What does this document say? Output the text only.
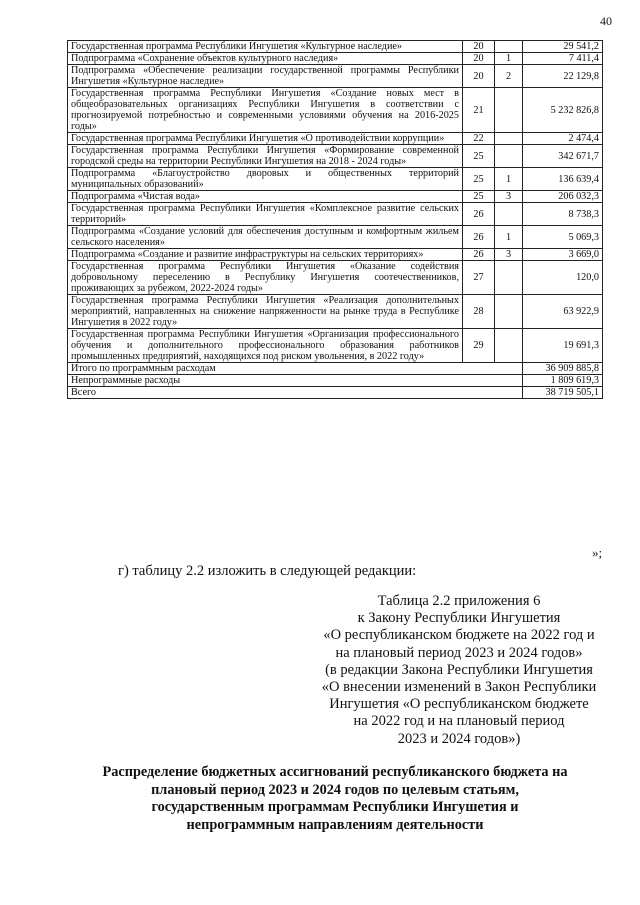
40
Государственная программа Республики Ингушетия «Культурное наследие»	20		29 541,2
Подпрограмма «Сохранение объектов культурного наследия»	20	1	7 411,4
Подпрограмма «Обеспечение реализации государственной программы Республики Ингушетия «Культурное наследие»	20	2	22 129,8
Государственная программа Республики Ингушетия «Создание новых мест в общеобразовательных организациях Республики Ингушетия в соответствии с прогнозируемой потребностью и современными условиями обучения на 2016-2025 годы»	21		5 232 826,8
Государственная программа Республики Ингушетия «О противодействии коррупции»	22		2 474,4
Государственная программа Республики Ингушетия «Формирование современной городской среды на территории Республики Ингушетия на 2018 - 2024 годы»	25		342 671,7
Подпрограмма «Благоустройство дворовых и общественных территорий муниципальных образований»	25	1	136 639,4
Подпрограмма «Чистая вода»	25	3	206 032,3
Государственная программа Республики Ингушетия «Комплексное развитие сельских территорий»	26		8 738,3
Подпрограмма «Создание условий для обеспечения доступным и комфортным жильем сельского населения»	26	1	5 069,3
Подпрограмма «Создание и развитие инфраструктуры на сельских территориях»	26	3	3 669,0
Государственная программа Республики Ингушетия «Оказание содействия добровольному переселению в Республику Ингушетия соотечественников, проживающих за рубежом, 2022-2024 годы»	27		120,0
Государственная программа Республики Ингушетия «Реализация дополнительных мероприятий, направленных на снижение напряженности на рынке труда в Республике Ингушетия в 2022 году»	28		63 922,9
Государственная программа Республики Ингушетия «Организация профессионального обучения и дополнительного профессионального образования работников промышленных предприятий, находящихся под риском увольнения, в 2022 году»	29		19 691,3
Итого по программным расходам			36 909 885,8
Непрограммные расходы			1 809 619,3
Всего			38 719 505,1
»;
г) таблицу 2.2 изложить в следующей редакции:
Таблица 2.2 приложения 6
к Закону Республики Ингушетия
«О республиканском бюджете на 2022 год и
на плановый период 2023 и 2024 годов»
(в редакции Закона Республики Ингушетия
«О внесении изменений в Закон Республики
Ингушетия «О республиканском бюджете
на 2022 год и на плановый период
2023 и 2024 годов»)
Распределение бюджетных ассигнований республиканского бюджета на
плановый период 2023 и 2024 годов по целевым статьям,
государственным программам Республики Ингушетия и
непрограммным направлениям деятельности
